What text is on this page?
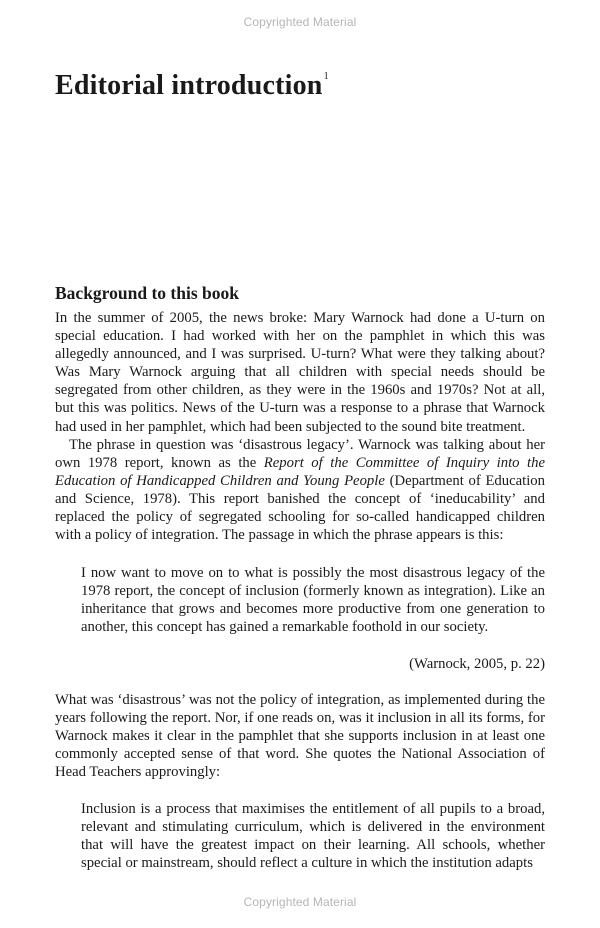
Copyrighted Material
Editorial introduction$^1$
Background to this book

In the summer of 2005, the news broke: Mary Warnock had done a U-turn on special education. I had worked with her on the pamphlet in which this was allegedly announced, and I was surprised. U-turn? What were they talking about? Was Mary Warnock arguing that all children with special needs should be segregated from other children, as they were in the 1960s and 1970s? Not at all, but this was politics. News of the U-turn was a response to a phrase that Warnock had used in her pamphlet, which had been subjected to the sound bite treatment.

The phrase in question was ‘disastrous legacy’. Warnock was talking about her own 1978 report, known as the Report of the Committee of Inquiry into the Education of Handicapped Children and Young People (Department of Education and Science, 1978). This report banished the concept of ‘ineducability’ and replaced the policy of segregated schooling for so-called handicapped children with a policy of integration. The passage in which the phrase appears is this:

I now want to move on to what is possibly the most disastrous legacy of the 1978 report, the concept of inclusion (formerly known as integration). Like an inheritance that grows and becomes more productive from one generation to another, this concept has gained a remarkable foothold in our society.

(Warnock, 2005, p. 22)

What was ‘disastrous’ was not the policy of integration, as implemented during the years following the report. Nor, if one reads on, was it inclusion in all its forms, for Warnock makes it clear in the pamphlet that she supports inclusion in at least one commonly accepted sense of that word. She quotes the National Association of Head Teachers approvingly:

Inclusion is a process that maximises the entitlement of all pupils to a broad, relevant and stimulating curriculum, which is delivered in the environment that will have the greatest impact on their learning. All schools, whether special or mainstream, should reflect a culture in which the institution adapts

Copyrighted Material
